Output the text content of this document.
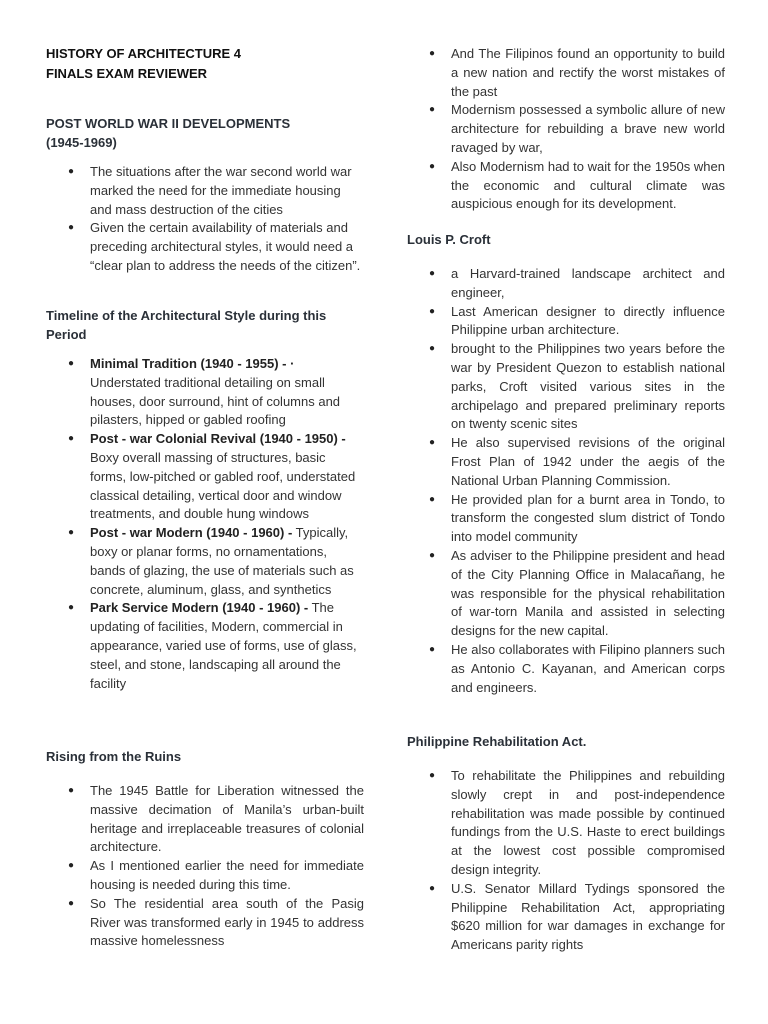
HISTORY OF ARCHITECTURE 4
FINALS EXAM REVIEWER
POST WORLD WAR II DEVELOPMENTS (1945-1969)
● The situations after the war second world war marked the need for the immediate housing and mass destruction of the cities
● Given the certain availability of materials and preceding architectural styles, it would need a “clear plan to address the needs of the citizen”.
Timeline of the Architectural Style during this Period
● Minimal Tradition (1940 - 1955) - · Understated traditional detailing on small houses, door surround, hint of columns and pilasters, hipped or gabled roofing
● Post - war Colonial Revival (1940 - 1950) - Boxy overall massing of structures, basic forms, low-pitched or gabled roof, understated classical detailing, vertical door and window treatments, and double hung windows
● Post - war Modern (1940 - 1960) - Typically, boxy or planar forms, no ornamentations, bands of glazing, the use of materials such as concrete, aluminum, glass, and synthetics
● Park Service Modern (1940 - 1960) - The updating of facilities, Modern, commercial in appearance, varied use of forms, use of glass, steel, and stone, landscaping all around the facility
Rising from the Ruins
● The 1945 Battle for Liberation witnessed the massive decimation of Manila’s urban-built heritage and irreplaceable treasures of colonial architecture.
● As I mentioned earlier the need for immediate housing is needed during this time.
● So The residential area south of the Pasig River was transformed early in 1945 to address massive homelessness
● And The Filipinos found an opportunity to build a new nation and rectify the worst mistakes of the past
● Modernism possessed a symbolic allure of new architecture for rebuilding a brave new world ravaged by war,
● Also Modernism had to wait for the 1950s when the economic and cultural climate was auspicious enough for its development.
Louis P. Croft
● a Harvard-trained landscape architect and engineer,
● Last American designer to directly influence Philippine urban architecture.
● brought to the Philippines two years before the war by President Quezon to establish national parks, Croft visited various sites in the archipelago and prepared preliminary reports on twenty scenic sites
● He also supervised revisions of the original Frost Plan of 1942 under the aegis of the National Urban Planning Commission.
● He provided plan for a burnt area in Tondo, to transform the congested slum district of Tondo into model community
● As adviser to the Philippine president and head of the City Planning Office in Malacañang, he was responsible for the physical rehabilitation of war-torn Manila and assisted in selecting designs for the new capital.
● He also collaborates with Filipino planners such as Antonio C. Kayanan, and American corps and engineers.
Philippine Rehabilitation Act.
● To rehabilitate the Philippines and rebuilding slowly crept in and post-independence rehabilitation was made possible by continued fundings from the U.S. Haste to erect buildings at the lowest cost possible compromised design integrity.
● U.S. Senator Millard Tydings sponsored the Philippine Rehabilitation Act, appropriating $620 million for war damages in exchange for Americans parity rights
